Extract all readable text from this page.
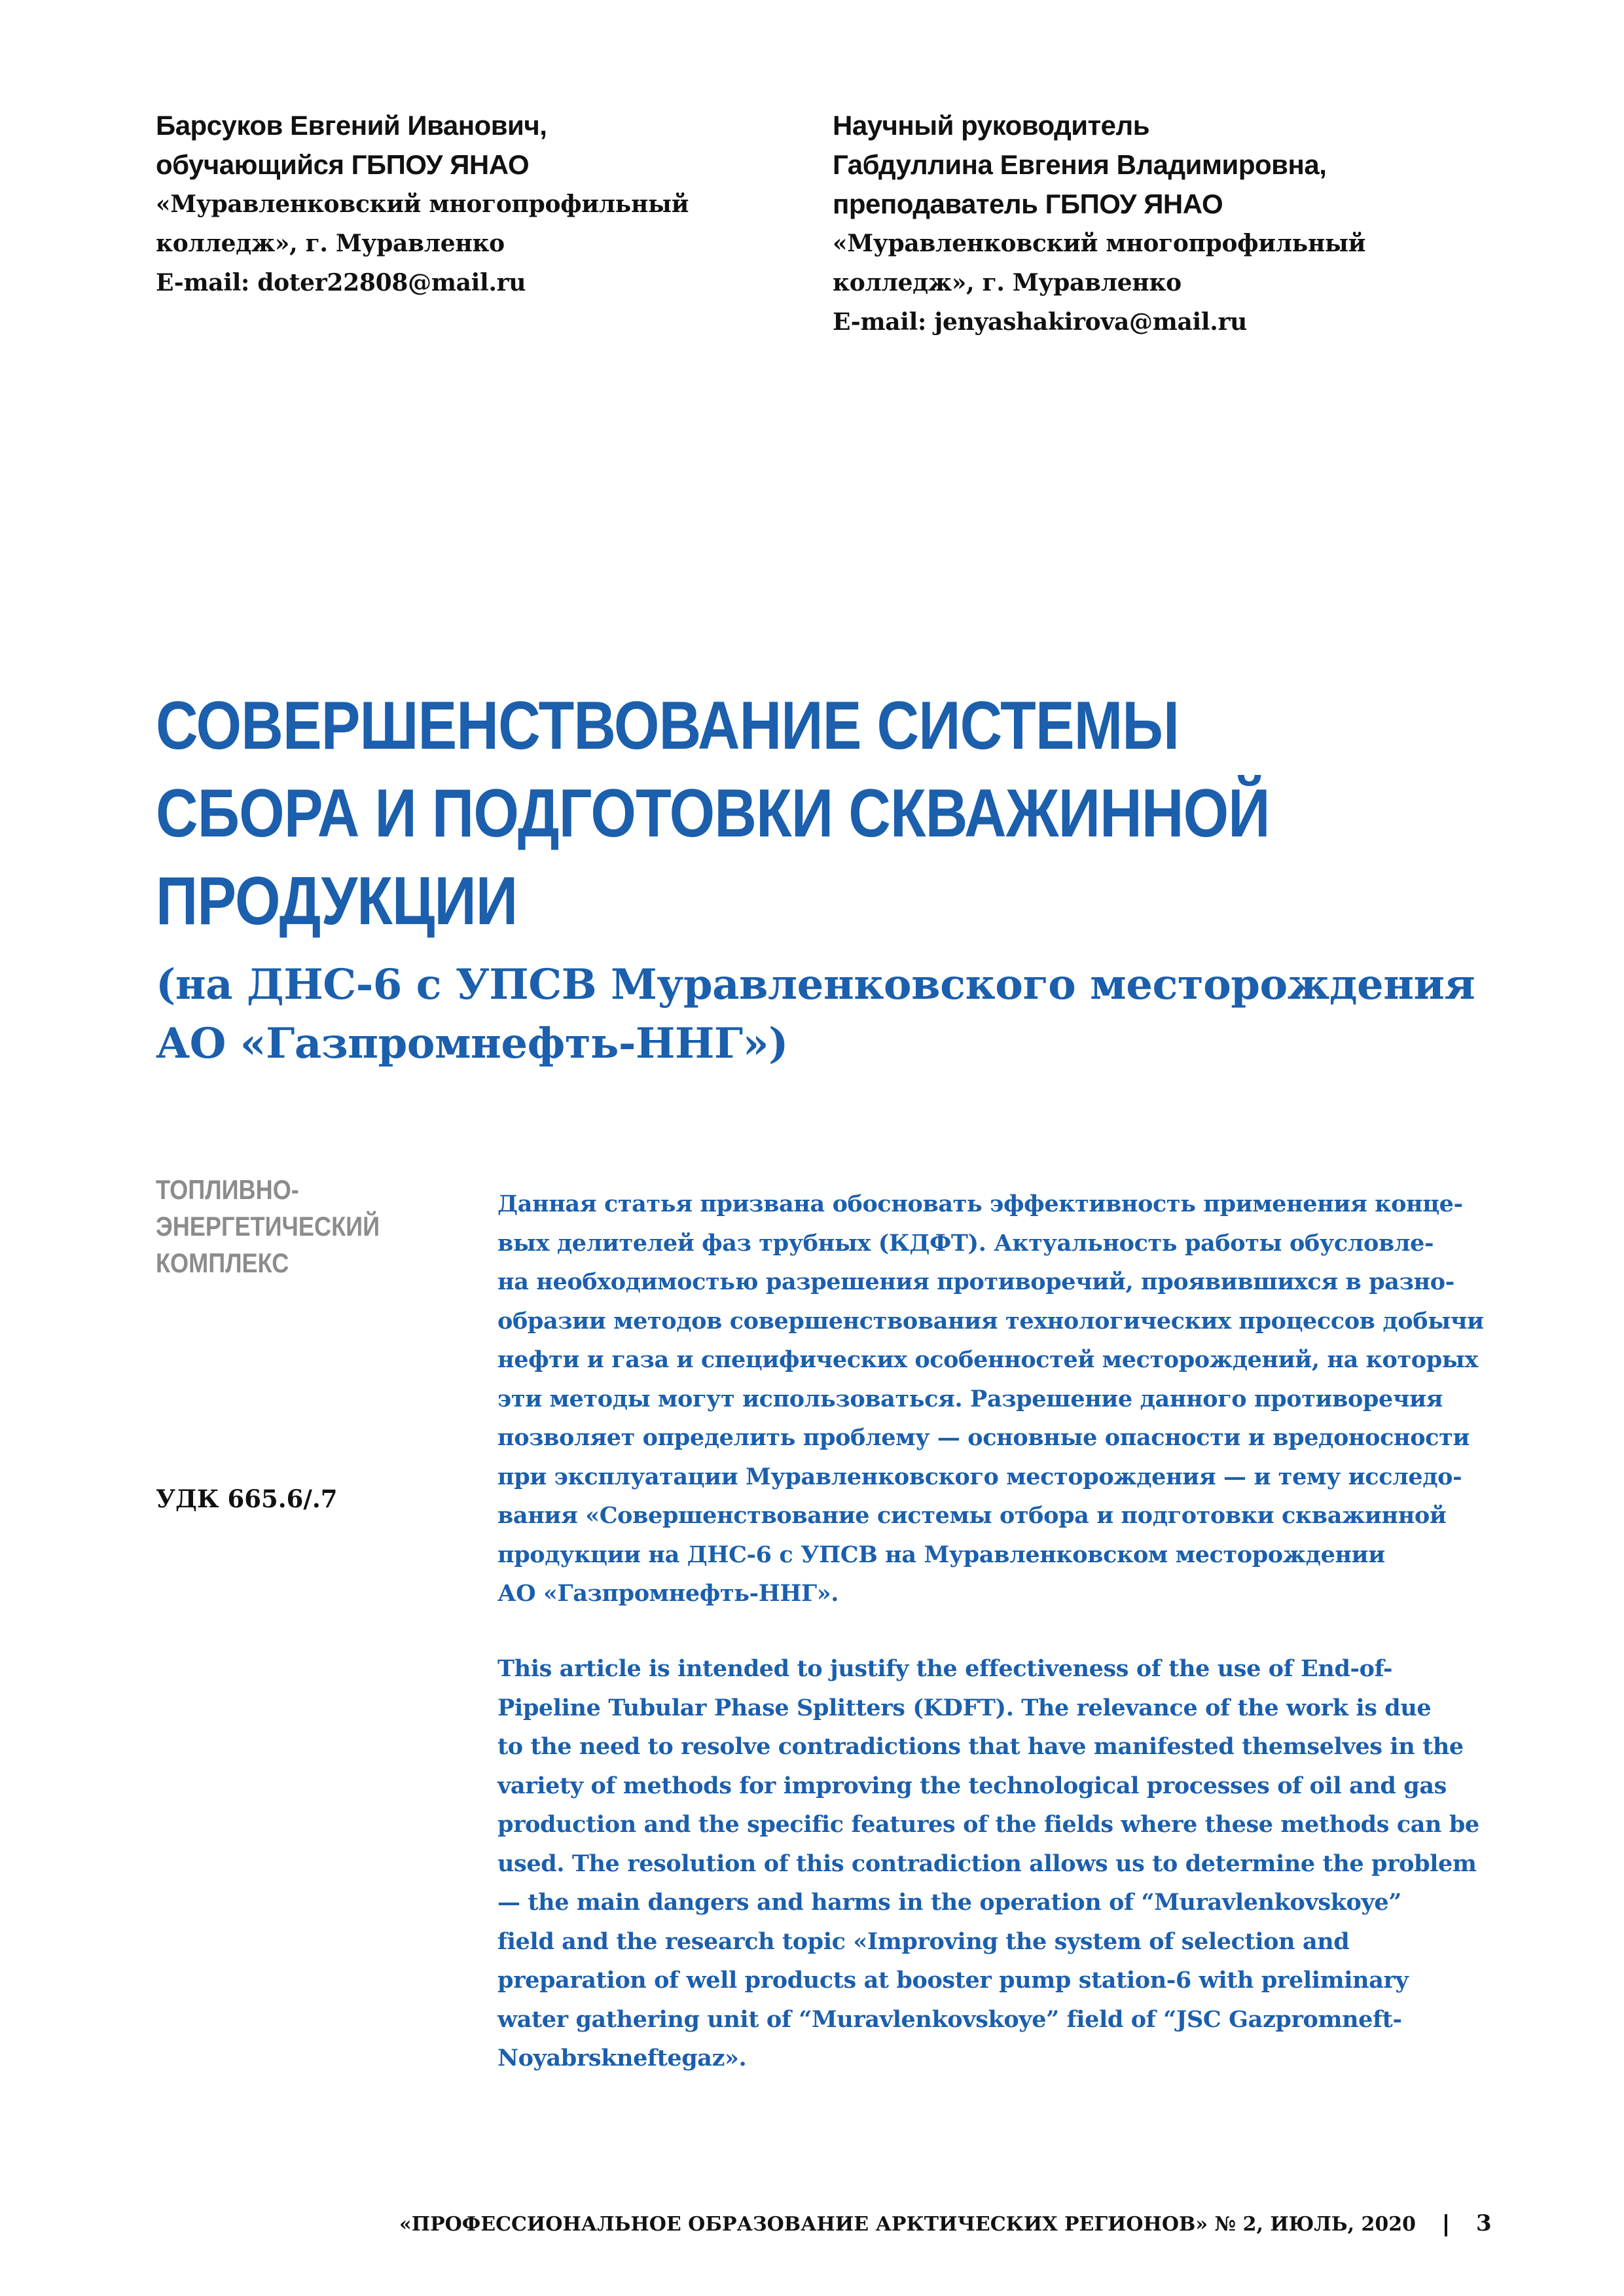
Барсуков Евгений Иванович,
обучающийся ГБПОУ ЯНАО
«Муравленковский многопрофильный
колледж», г. Муравленко
E-mail: doter22808@mail.ru
Научный руководитель
Габдуллина Евгения Владимировна,
преподаватель ГБПОУ ЯНАО
«Муравленковский многопрофильный
колледж», г. Муравленко
E-mail: jenyashakirova@mail.ru
СОВЕРШЕНСТВОВАНИЕ СИСТЕМЫ
СБОРА И ПОДГОТОВКИ СКВАЖИННОЙ
ПРОДУКЦИИ
(на ДНС-6 с УПСВ Муравленковского месторождения
АО «Газпромнефть-ННГ»)
ТОПЛИВНО-
ЭНЕРГЕТИЧЕСКИЙ
КОМПЛЕКС
УДК 665.6/.7
Данная статья призвана обосновать эффективность применения конце-
вых делителей фаз трубных (КДФТ). Актуальность работы обусловле-
на необходимостью разрешения противоречий, проявившихся в разно-
образии методов совершенствования технологических процессов добычи
нефти и газа и специфических особенностей месторождений, на которых
эти методы могут использоваться. Разрешение данного противоречия
позволяет определить проблему — основные опасности и вредоносности
при эксплуатации Муравленковского месторождения — и тему исследо-
вания «Совершенствование системы отбора и подготовки скважинной
продукции на ДНС-6 с УПСВ на Муравленковском месторождении
АО «Газпромнефть-ННГ».
This article is intended to justify the effectiveness of the use of End-of-
Pipeline Tubular Phase Splitters (KDFT). The relevance of the work is due
to the need to resolve contradictions that have manifested themselves in the
variety of methods for improving the technological processes of oil and gas
production and the specific features of the fields where these methods can be
used. The resolution of this contradiction allows us to determine the problem
— the main dangers and harms in the operation of “Muravlenkovskoye”
field and the research topic «Improving the system of selection and
preparation of well products at booster pump station-6 with preliminary
water gathering unit of “Muravlenkovskoye” field of “JSC Gazpromneft-
Noyabrskneftegaz».
«ПРОФЕССИОНАЛЬНОЕ ОБРАЗОВАНИЕ АРКТИЧЕСКИХ РЕГИОНОВ» № 2, ИЮЛЬ, 2020	3
